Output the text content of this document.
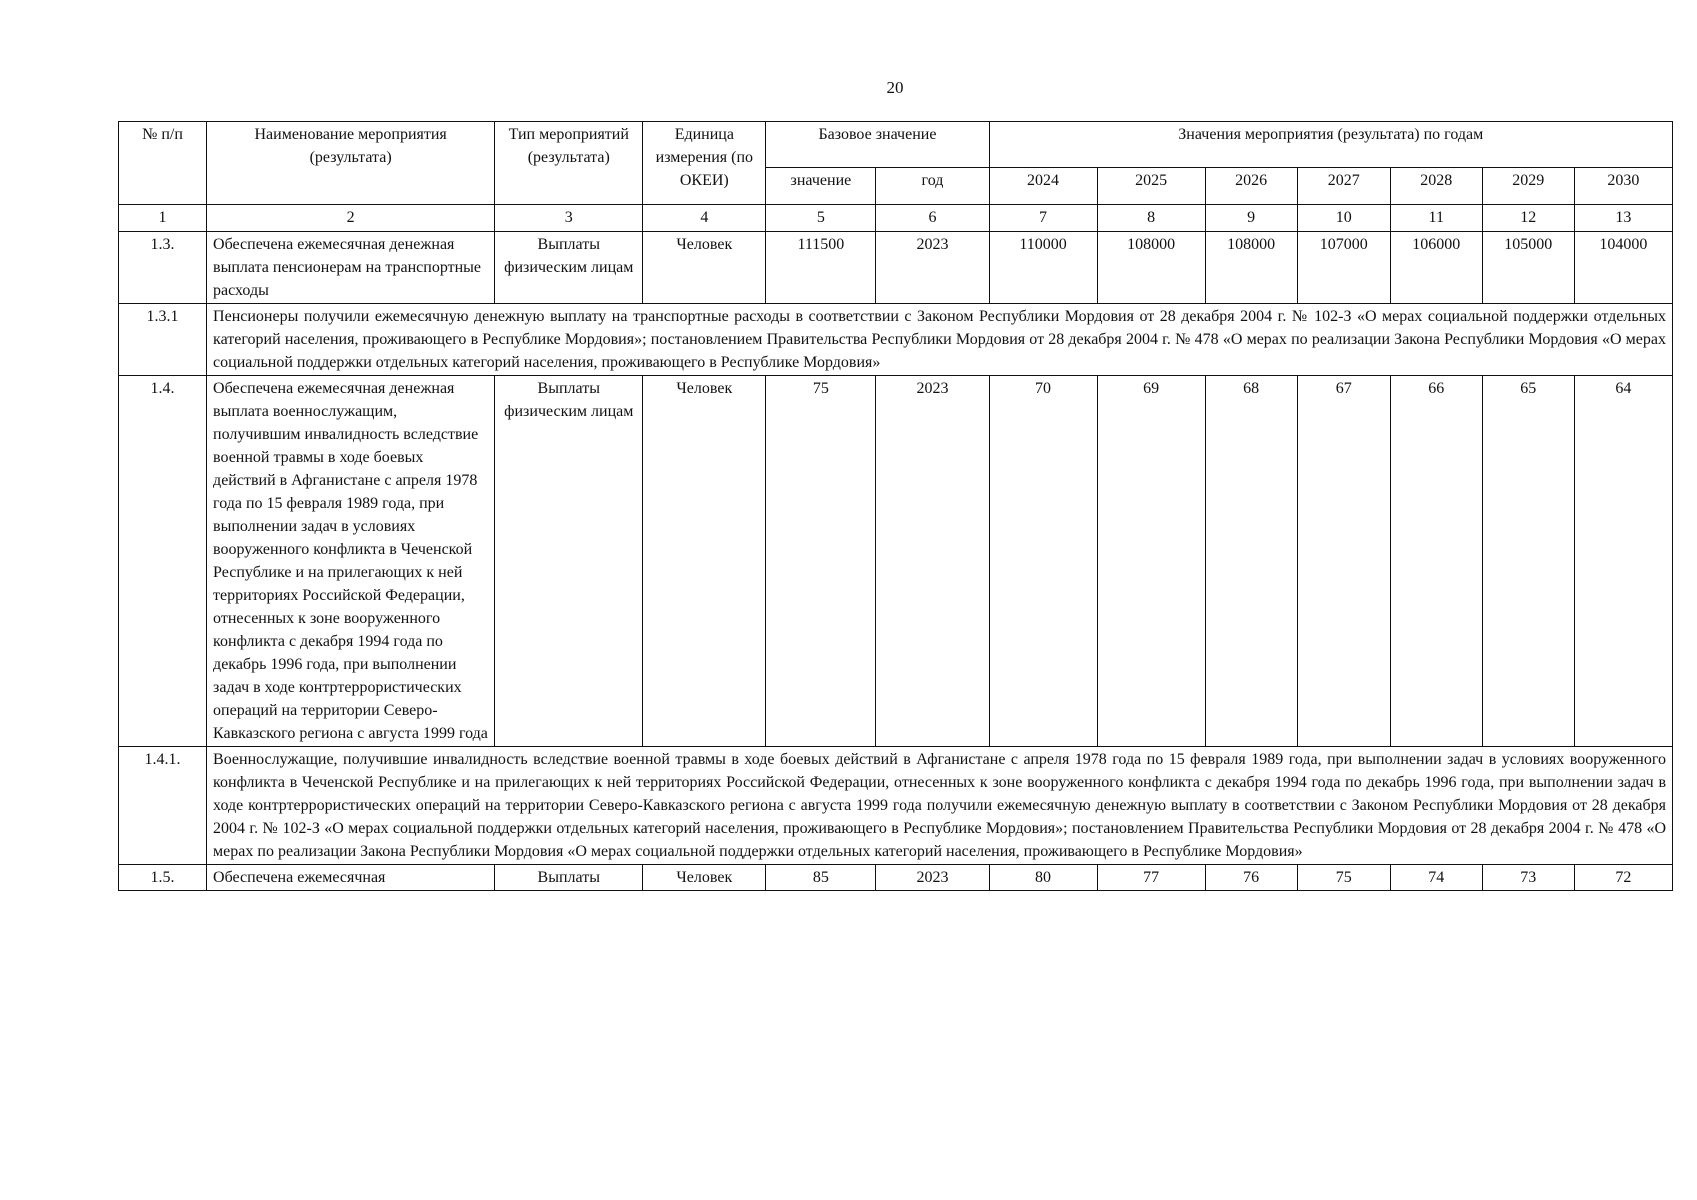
20
№ п/п	Наименование мероприятия (результата)	Тип мероприятий (результата)	Единица измерения (по ОКЕИ)	Базовое значение		Значения мероприятия (результата) по годам						
				значение	год	2024	2025	2026	2027	2028	2029	2030
1	2	3	4	5	6	7	8	9	10	11	12	13
1.3.	Обеспечена ежемесячная денежная выплата пенсионерам на транспортные расходы	Выплаты физическим лицам	Человек	111500	2023	110000	108000	108000	107000	106000	105000	104000
1.3.1	Пенсионеры получили ежемесячную денежную выплату на транспортные расходы в соответствии с Законом Республики Мордовия от 28 декабря 2004 г. № 102-З «О мерах социальной поддержки отдельных категорий населения, проживающего в Республике Мордовия»; постановлением Правительства Республики Мордовия от 28 декабря 2004 г. № 478 «О мерах по реализации Закона Республики Мордовия «О мерах социальной поддержки отдельных категорий населения, проживающего в Республике Мордовия»											
1.4.	Обеспечена ежемесячная денежная выплата военнослужащим, получившим инвалидность вследствие военной травмы в ходе боевых действий в Афганистане с апреля 1978 года по 15 февраля 1989 года, при выполнении задач в условиях вооруженного конфликта в Чеченской Республике и на прилегающих к ней территориях Российской Федерации, отнесенных к зоне вооруженного конфликта с декабря 1994 года по декабрь 1996 года, при выполнении задач в ходе контртеррористических операций на территории Северо-Кавказского региона с августа 1999 года	Выплаты физическим лицам	Человек	75	2023	70	69	68	67	66	65	64
1.4.1.	Военнослужащие, получившие инвалидность вследствие военной травмы в ходе боевых действий в Афганистане с апреля 1978 года по 15 февраля 1989 года, при выполнении задач в условиях вооруженного конфликта в Чеченской Республике и на прилегающих к ней территориях Российской Федерации, отнесенных к зоне вооруженного конфликта с декабря 1994 года по декабрь 1996 года, при выполнении задач в ходе контртеррористических операций на территории Северо-Кавказского региона с августа 1999 года получили ежемесячную денежную выплату в соответствии с Законом Республики Мордовия от 28 декабря 2004 г. № 102-З «О мерах социальной поддержки отдельных категорий населения, проживающего в Республике Мордовия»; постановлением Правительства Республики Мордовия от 28 декабря 2004 г. № 478 «О мерах по реализации Закона Республики Мордовия «О мерах социальной поддержки отдельных категорий населения, проживающего в Республике Мордовия»											
1.5.	Обеспечена ежемесячная	Выплаты	Человек	85	2023	80	77	76	75	74	73	72
